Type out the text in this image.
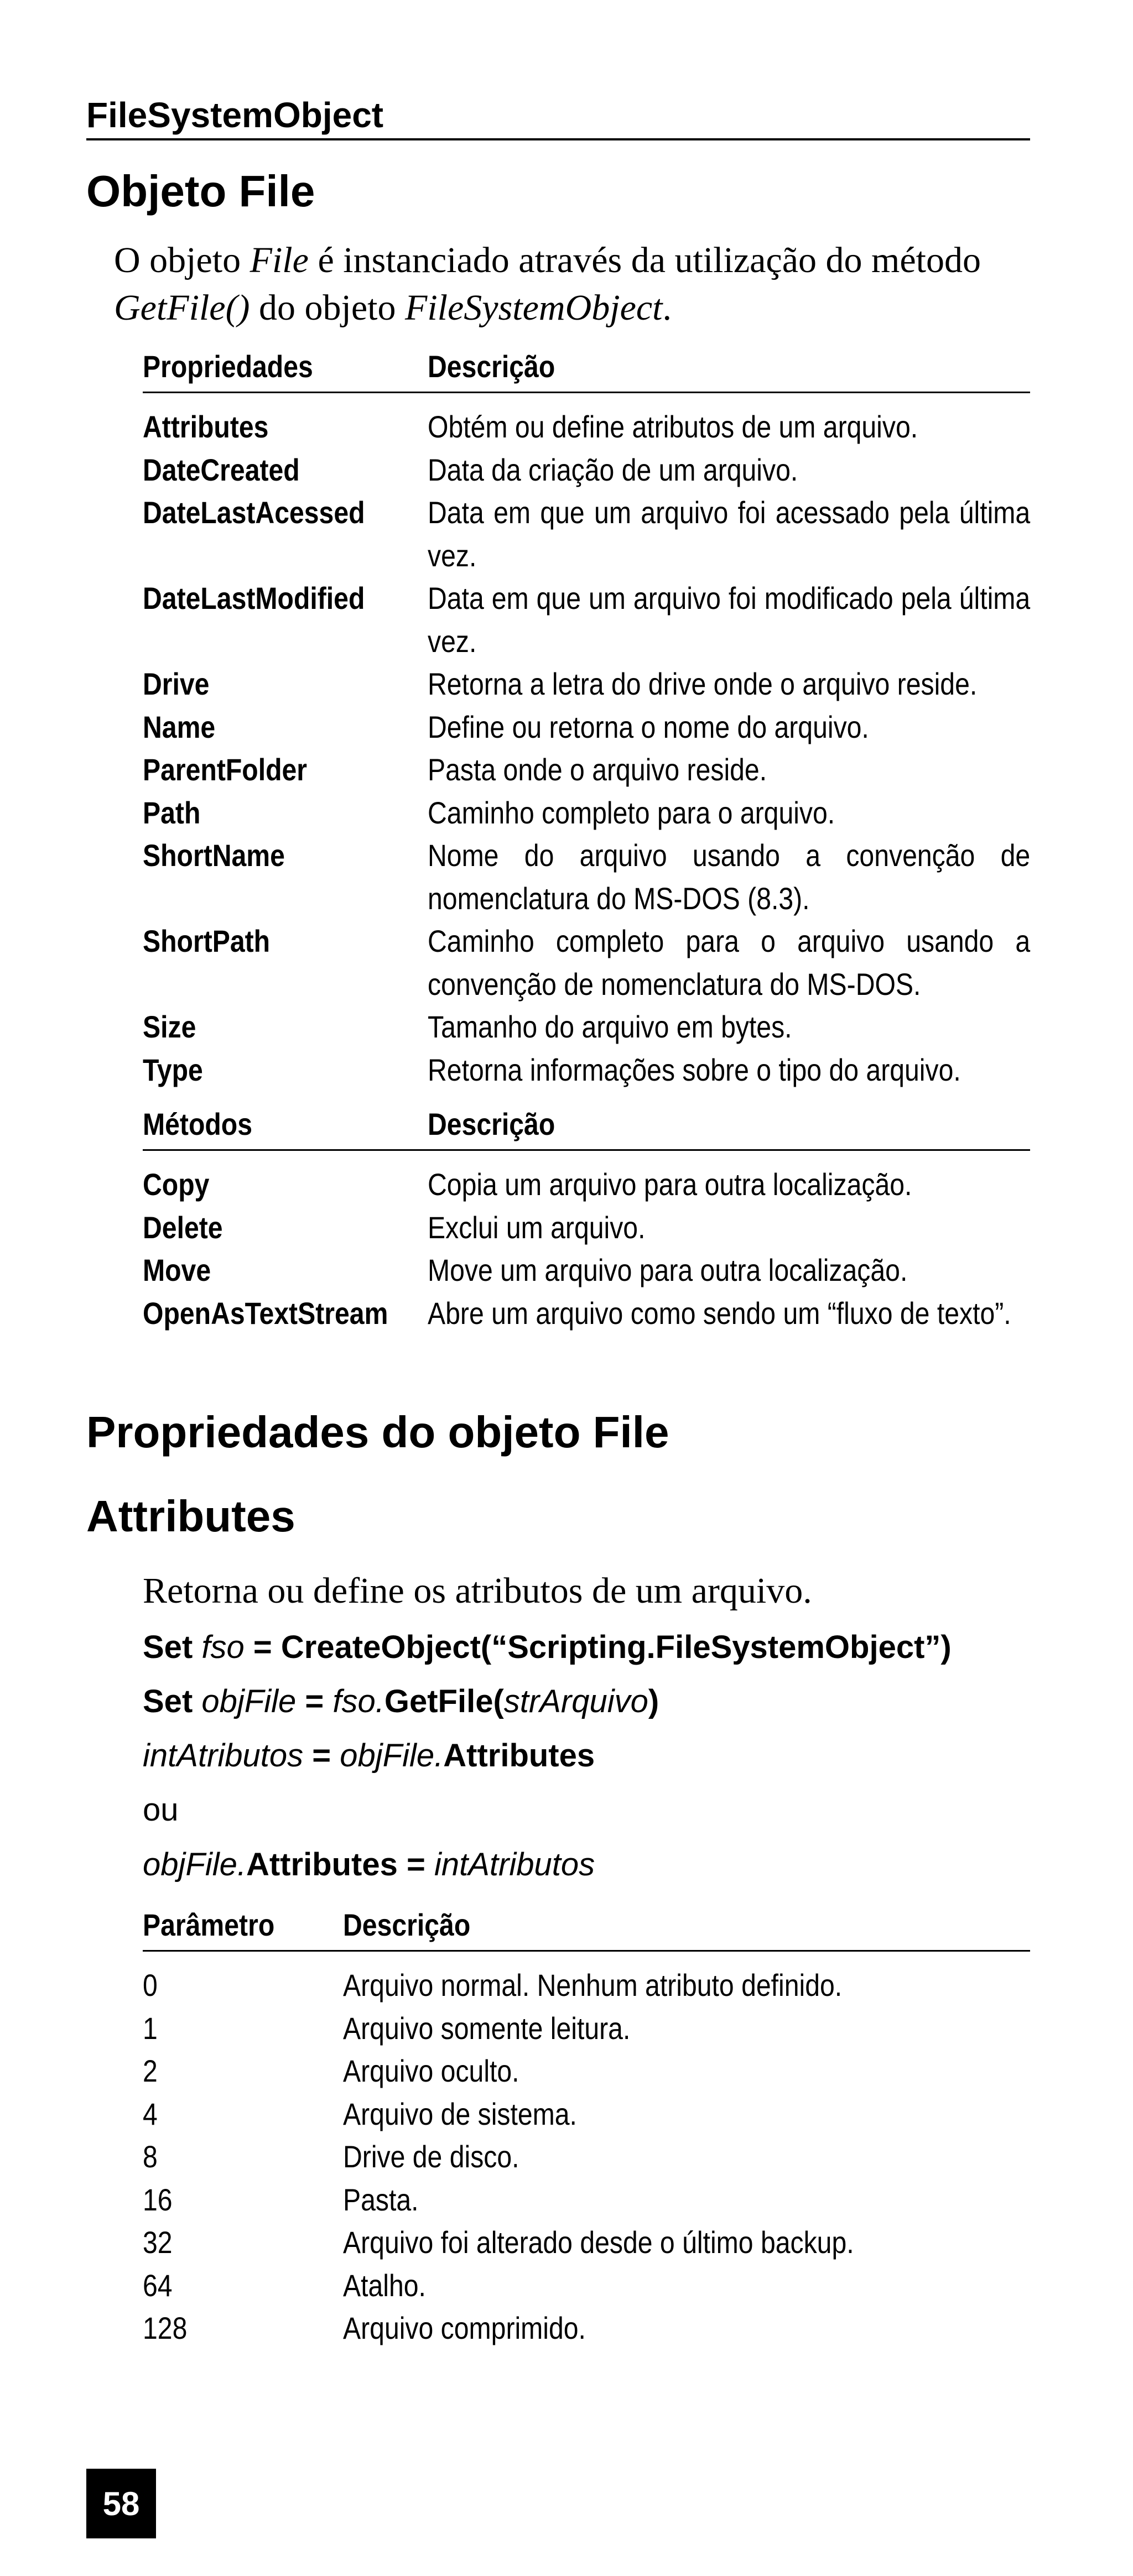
FileSystemObject
Objeto File
O objeto File é instanciado através da utilização do método GetFile() do objeto FileSystemObject.
Propriedades	Descrição
Attributes	Obtém ou define atributos de um arquivo.
DateCreated	Data da criação de um arquivo.
DateLastAcessed Data em que um arquivo foi acessado pela última vez.
DateLastModified Data em que um arquivo foi modificado pela última vez.
Drive	Retorna a letra do drive onde o arquivo reside.
Name	Define ou retorna o nome do arquivo.
ParentFolder	Pasta onde o arquivo reside.
Path	Caminho completo para o arquivo.
ShortName	Nome do arquivo usando a convenção de nomenclatura do MS-DOS (8.3).
ShortPath	Caminho completo para o arquivo usando a convenção de nomenclatura do MS-DOS.
Size	Tamanho do arquivo em bytes.
Type	Retorna informações sobre o tipo do arquivo.
Métodos	Descrição
Copy	Copia um arquivo para outra localização.
Delete	Exclui um arquivo.
Move	Move um arquivo para outra localização.
OpenAsTextStream Abre um arquivo como sendo um “fluxo de texto”.
Propriedades do objeto File
Attributes
Retorna ou define os atributos de um arquivo.
Set fso = CreateObject(“Scripting.FileSystemObject”)
Set objFile = fso.GetFile(strArquivo)
intAtributos = objFile.Attributes
ou
objFile.Attributes = intAtributos
Parâmetro Descrição
0	Arquivo normal. Nenhum atributo definido.
1	Arquivo somente leitura.
2	Arquivo oculto.
4	Arquivo de sistema.
8	Drive de disco.
16	Pasta.
32	Arquivo foi alterado desde o último backup.
64	Atalho.
128	Arquivo comprimido.
58
